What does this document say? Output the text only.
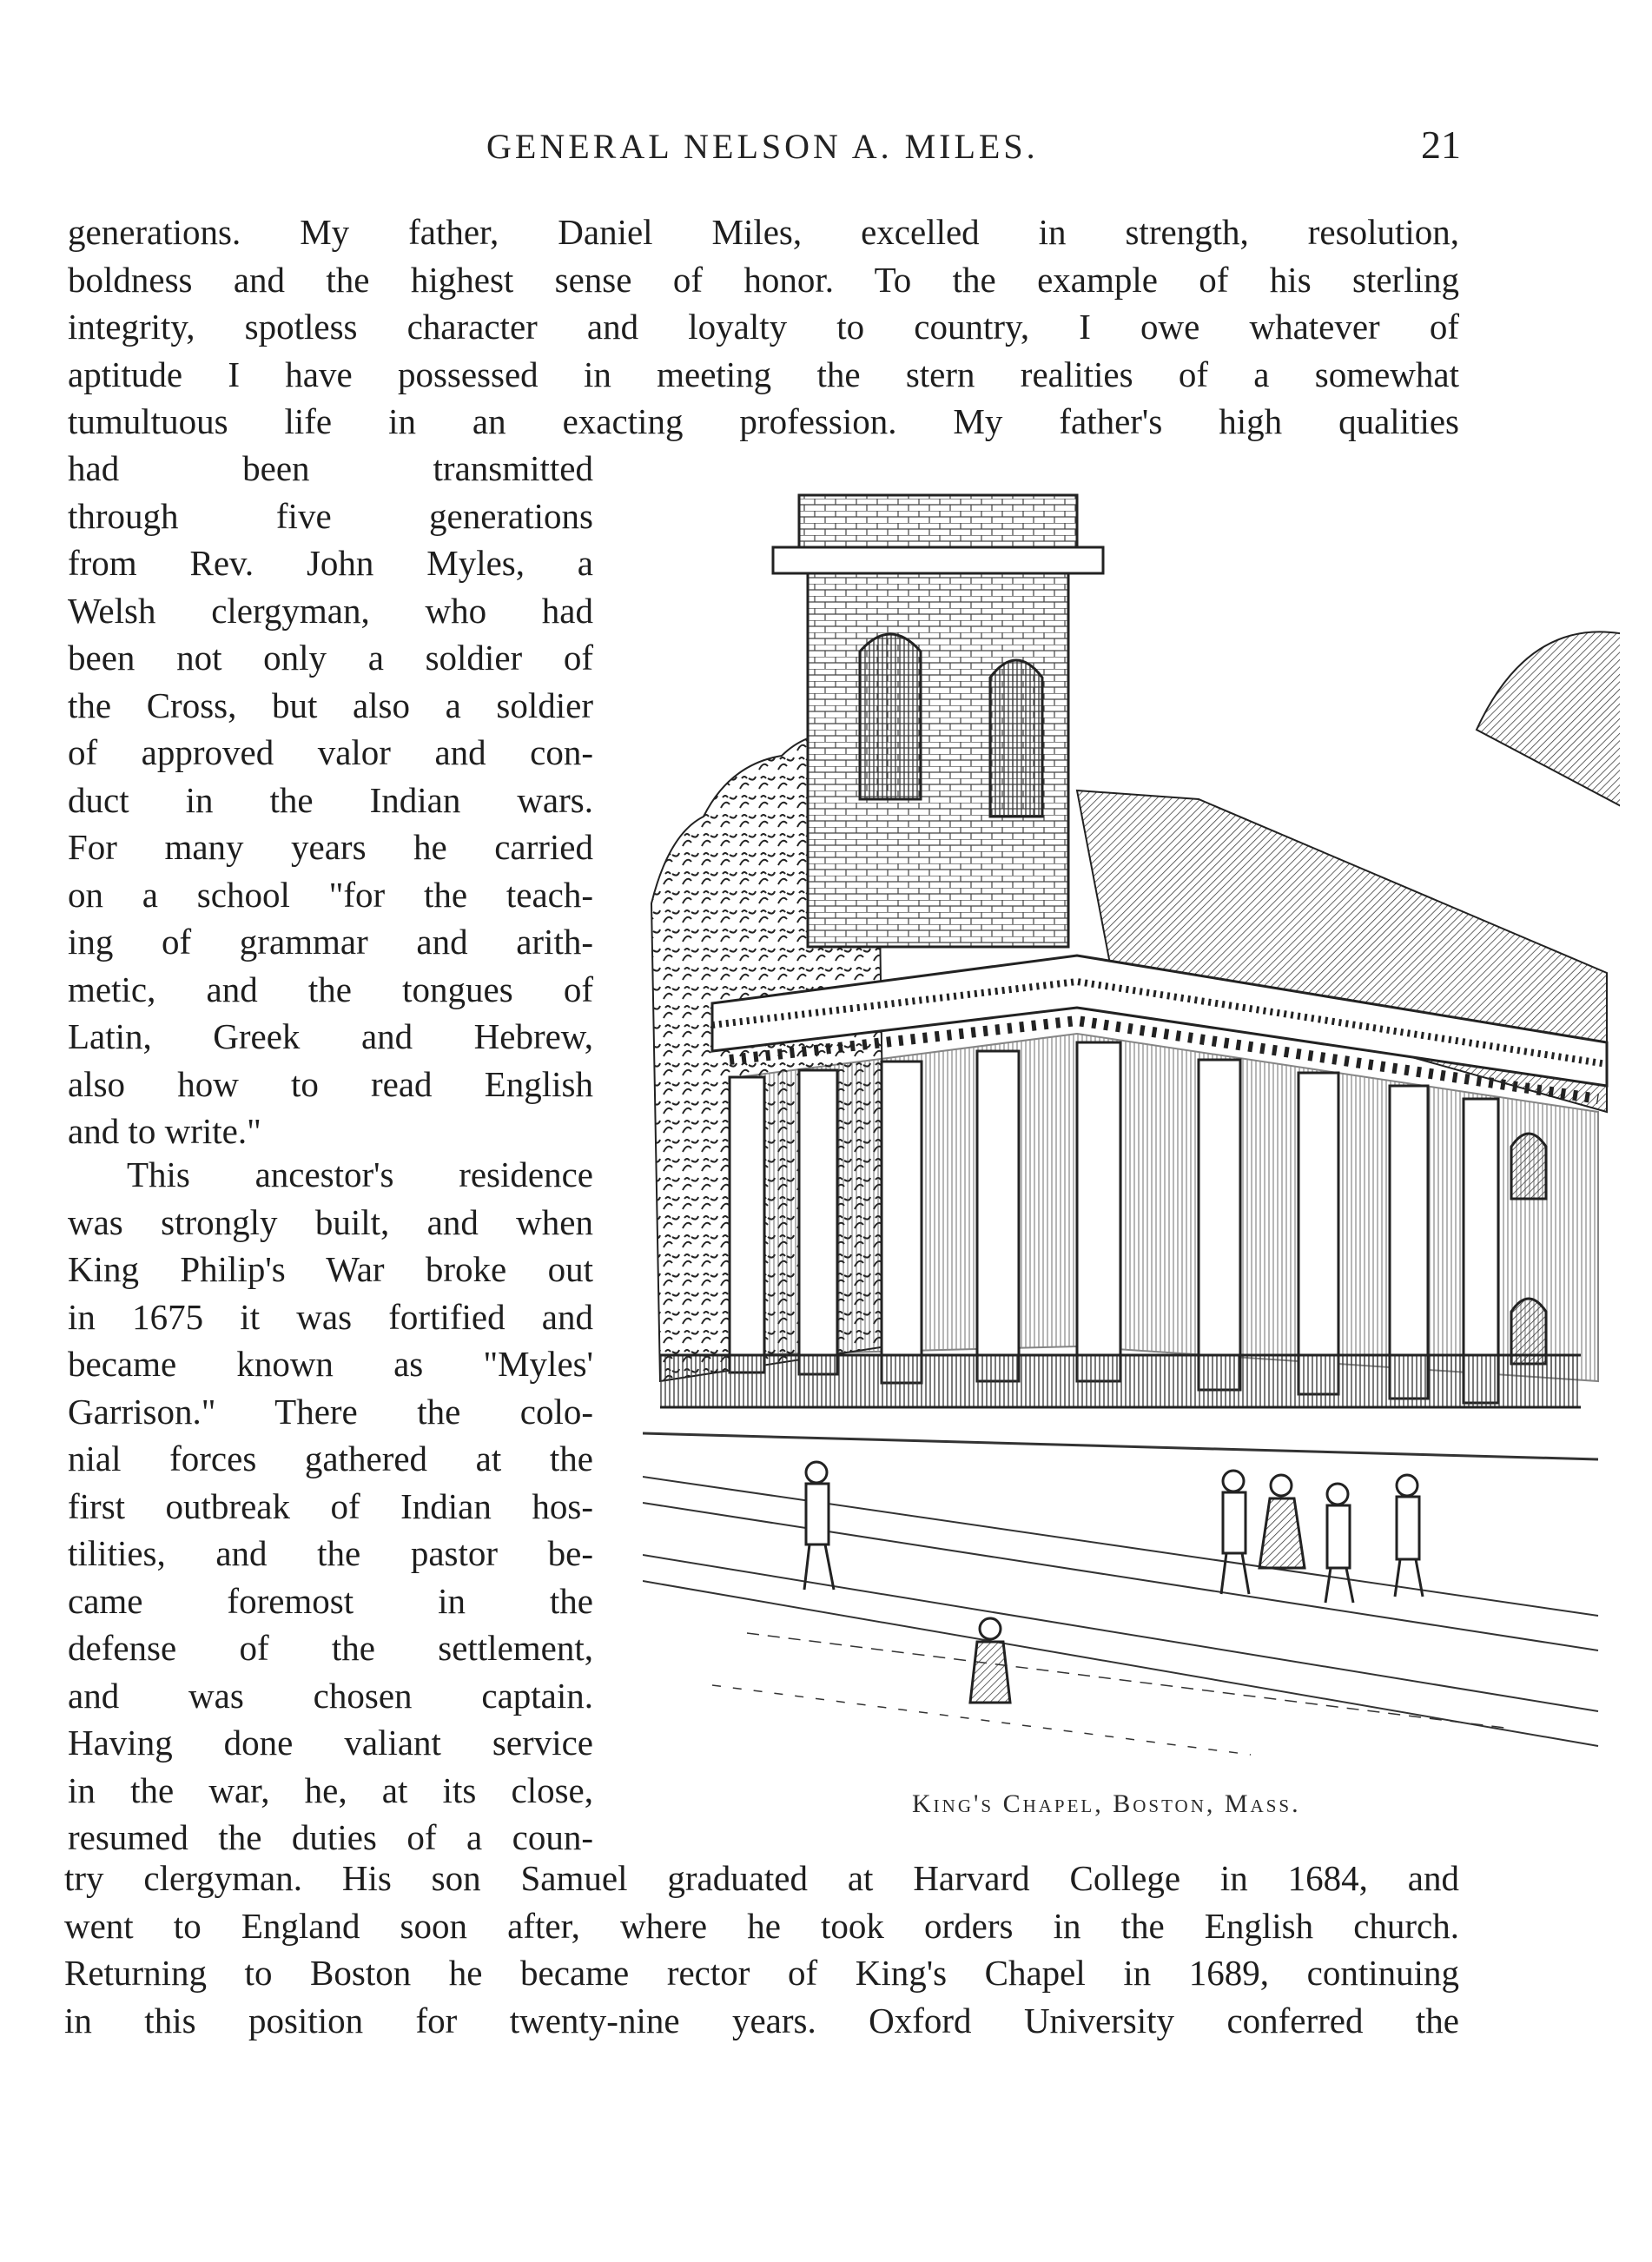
GENERAL NELSON A. MILES.	21

generations. My father, Daniel Miles, excelled in strength, resolution,
boldness and the highest sense of honor. To the example of his sterling
integrity, spotless character and loyalty to country, I owe whatever of
aptitude I have possessed in meeting the stern realities of a somewhat
tumultuous life in an exacting profession. My father's high qualities

had been transmitted
through five generations
from Rev. John Myles, a
Welsh clergyman, who had
been not only a soldier of
the Cross, but also a soldier
of approved valor and con-
duct in the Indian wars.
For many years he carried
on a school "for the teach-
ing of grammar and arith-
metic, and the tongues of
Latin, Greek and Hebrew,
also how to read English
and to write."

This ancestor's residence
was strongly built, and when
King Philip's War broke out
in 1675 it was fortified and
became known as "Myles'
Garrison." There the colo-
nial forces gathered at the
first outbreak of Indian hos-
tilities, and the pastor be-
came foremost in the
defense of the settlement,
and was chosen captain.
Having done valiant service
in the war, he, at its close,
resumed the duties of a coun-

try clergyman. His son Samuel graduated at Harvard College in 1684, and
went to England soon after, where he took orders in the English church.
Returning to Boston he became rector of King's Chapel in 1689, continuing
in this position for twenty-nine years. Oxford University conferred the

King's Chapel, Boston, Mass.
